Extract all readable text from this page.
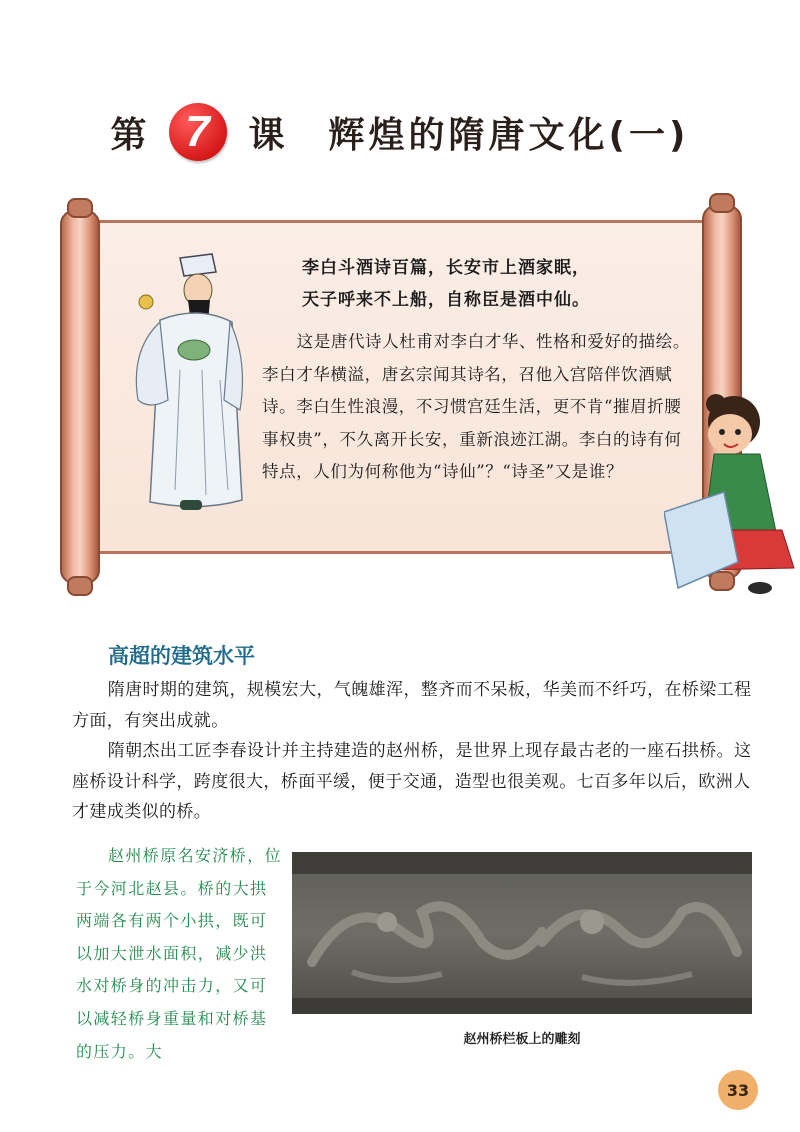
第 7	课 辉煌的隋唐文化(一)
李白斗酒诗百篇，长安市上酒家眠，
天子呼来不上船，自称臣是酒中仙。
这是唐代诗人杜甫对李白才华、性格和爱好的描绘。李白才华横溢，唐玄宗闻其诗名，召他入宫陪伴饮酒赋诗。李白生性浪漫，不习惯宫廷生活，更不肯“摧眉折腰事权贵”，不久离开长安，重新浪迹江湖。李白的诗有何特点，人们为何称他为“诗仙”？“诗圣”又是谁？
高超的建筑水平
隋唐时期的建筑，规模宏大，气魄雄浑，整齐而不呆板，华美而不纤巧，在桥梁工程方面，有突出成就。
隋朝杰出工匠李春设计并主持建造的赵州桥，是世界上现存最古老的一座石拱桥。这座桥设计科学，跨度很大，桥面平缓，便于交通，造型也很美观。七百多年以后，欧洲人才建成类似的桥。
赵州桥原名安济桥，位于今河北赵县。桥的大拱两端各有两个小拱，既可以加大泄水面积，减少洪水对桥身的冲击力，又可以减轻桥身重量和对桥基的压力。大
赵州桥栏板上的雕刻
33
